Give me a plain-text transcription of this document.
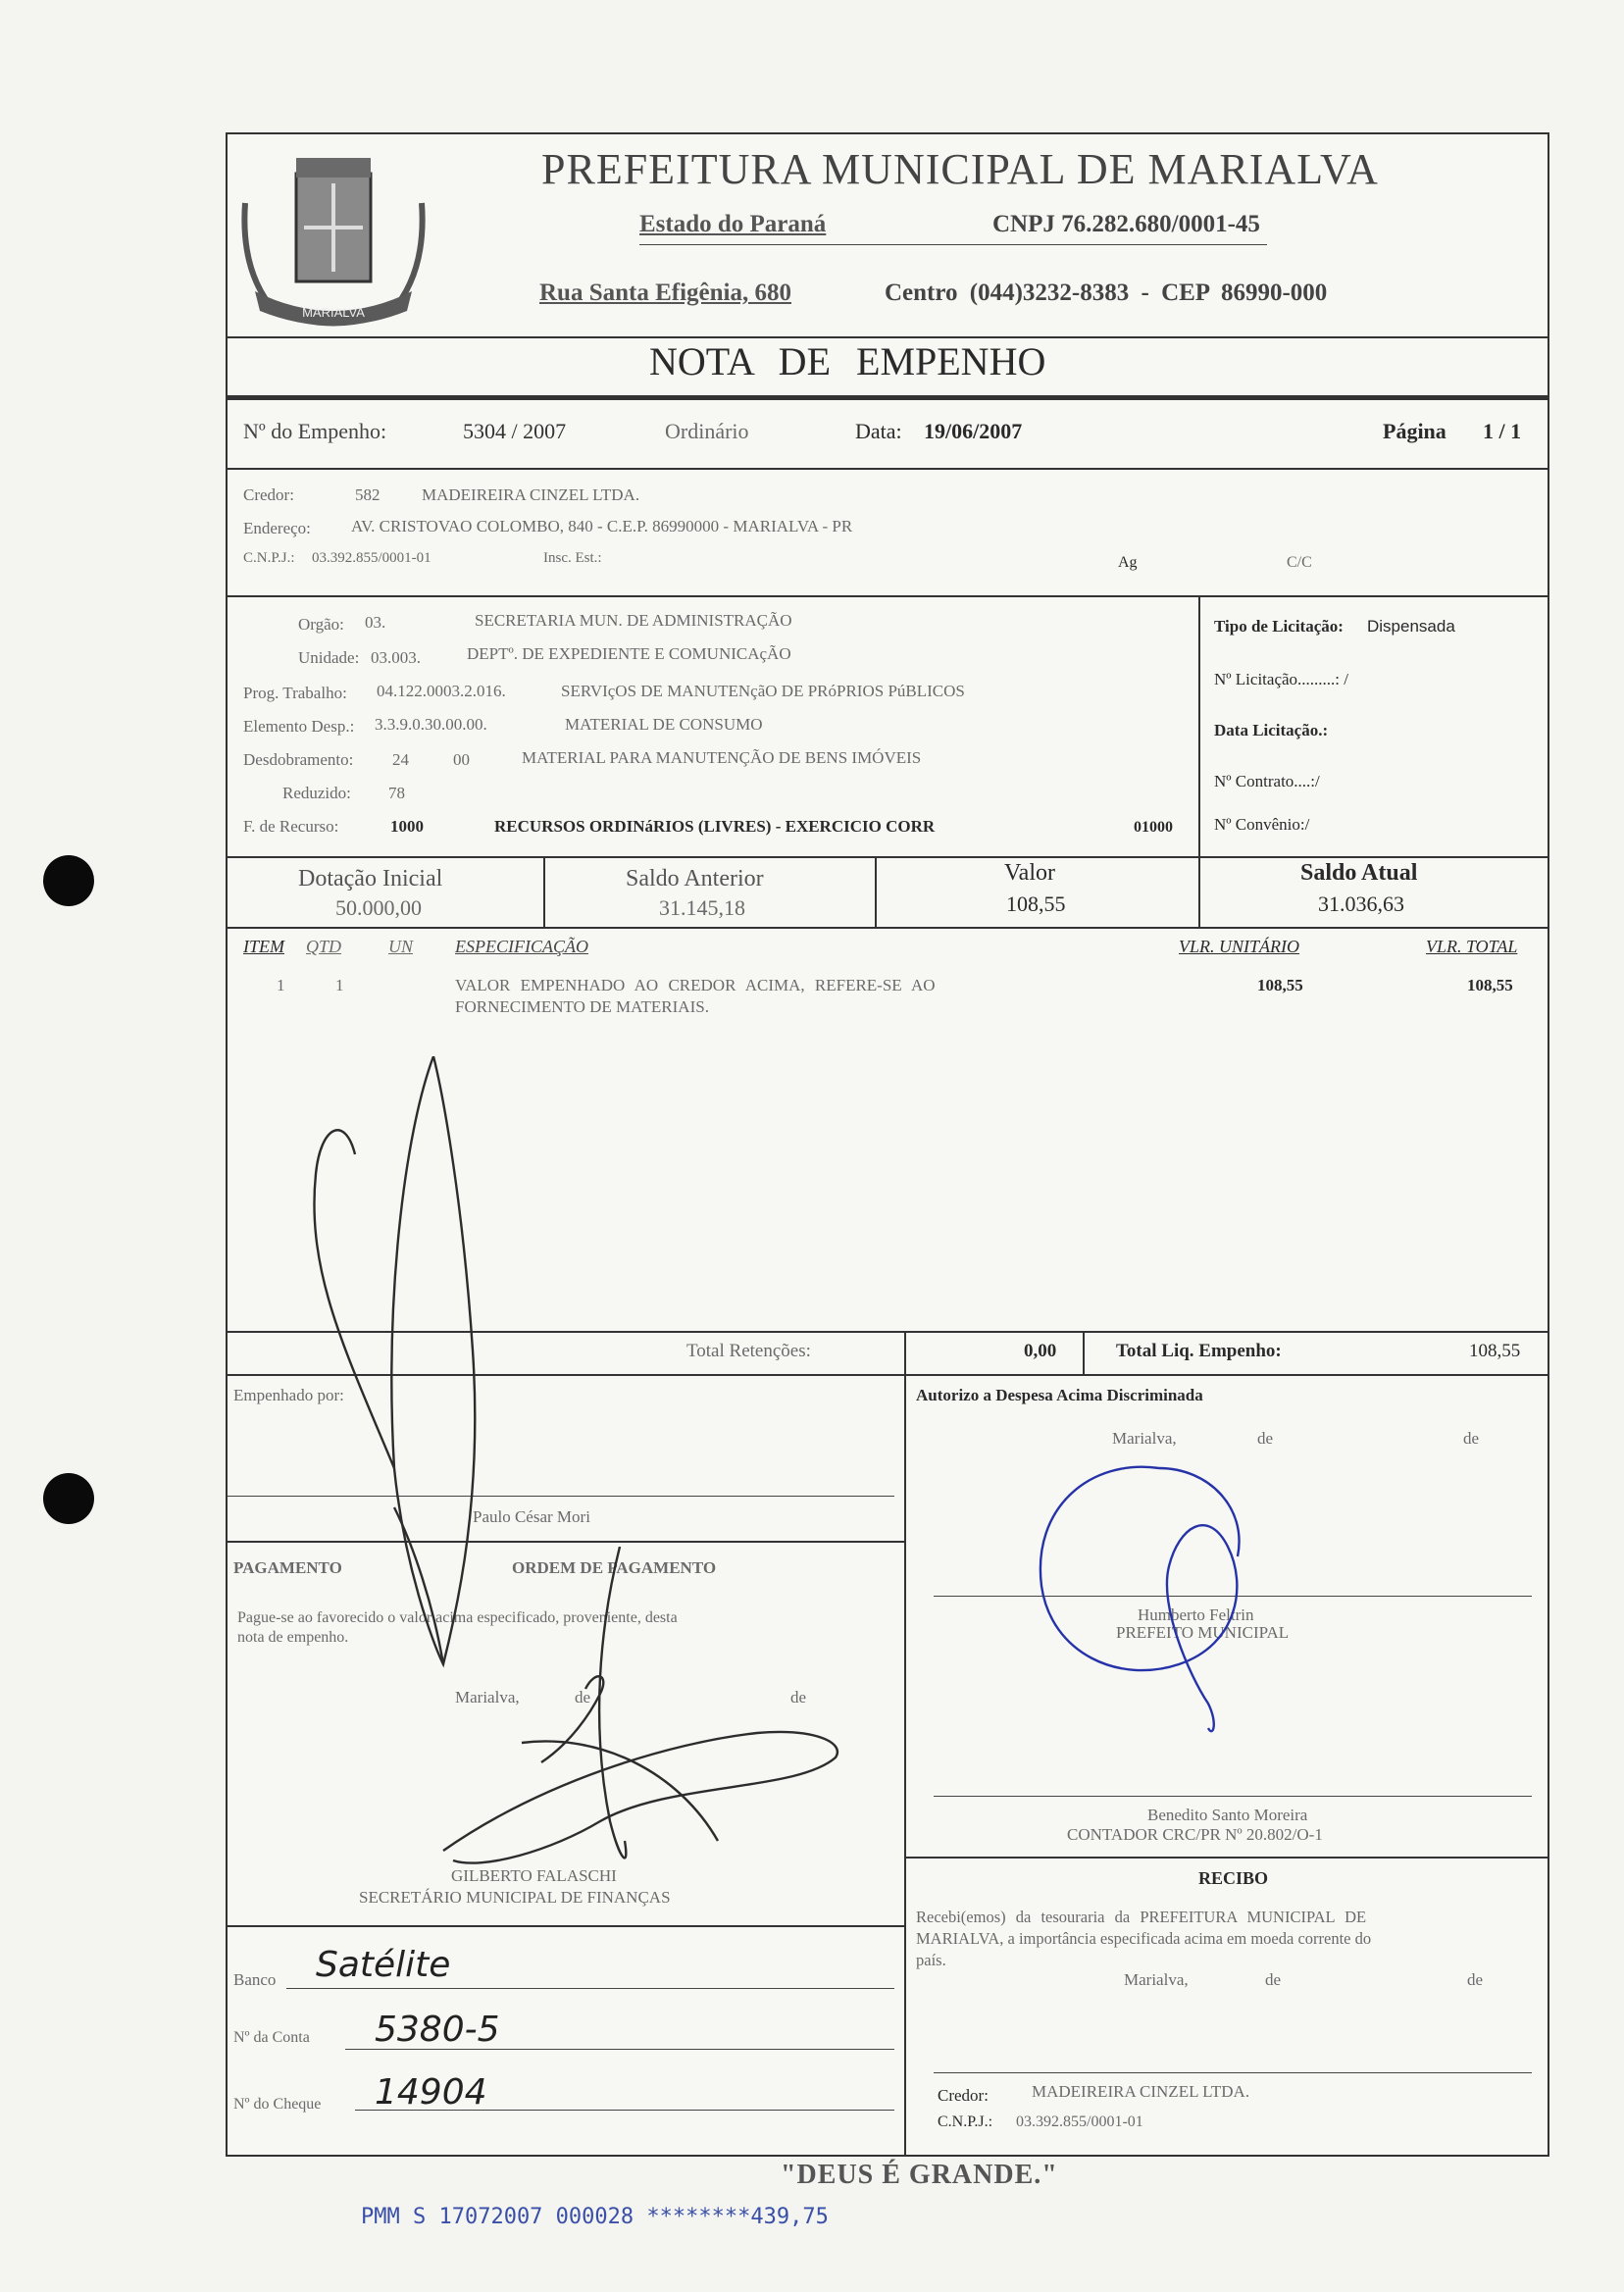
MARIALVA
PREFEITURA MUNICIPAL DE MARIALVA
Estado do Paraná	CNPJ 76.282.680/0001-45
Rua Santa Efigênia, 680	Centro (044)3232-8383 - CEP 86990-000
NOTA DE EMPENHO
Nº do Empenho:	5304 / 2007	Ordinário	Data: 19/06/2007	Página 1 / 1
Credor:	582	MADEIREIRA CINZEL LTDA.
Endereço: AV. CRISTOVAO COLOMBO, 840 - C.E.P. 86990000 - MARIALVA - PR
C.N.P.J.: 03.392.855/0001-01	Insc. Est.:	Ag	C/C
Orgão: 03.	SECRETARIA MUN. DE ADMINISTRAÇÃO
Unidade: 03.003.	DEPTº. DE EXPEDIENTE E COMUNICAçÃO
Prog. Trabalho: 04.122.0003.2.016.	SERVIçOS DE MANUTENçãO DE PRóPRIOS PúBLICOS
Elemento Desp.: 3.3.9.0.30.00.00.	MATERIAL DE CONSUMO
Desdobramento: 24	00	MATERIAL PARA MANUTENÇÃO DE BENS IMÓVEIS
Reduzido: 78
F. de Recurso:	1000	RECURSOS ORDINáRIOS (LIVRES) - EXERCICIO CORR	01000
Tipo de Licitação: Dispensada
Nº Licitação.........: /
Data Licitação.:
Nº Contrato....:/
Nº Convênio:/
Dotação Inicial
50.000,00
Saldo Anterior
31.145,18
Valor
108,55
Saldo Atual
31.036,63
ITEM QTD	UN ESPECIFICAÇÃO	VLR. UNITÁRIO	VLR. TOTAL
1	1	VALOR EMPENHADO AO CREDOR ACIMA, REFERE-SE AO
FORNECIMENTO DE MATERIAIS.
108,55	108,55
Total Retenções:	0,00	Total Liq. Empenho:	108,55
Empenhado por:
Paulo César Mori
PAGAMENTO	ORDEM DE PAGAMENTO
Pague-se ao favorecido o valor acima especificado, proveniente, desta
nota de empenho.
Marialva,	de	de
GILBERTO FALASCHI
SECRETÁRIO MUNICIPAL DE FINANÇAS
Banco Satélite
Nº da Conta 5380-5
Nº do Cheque 14904
Autorizo a Despesa Acima Discriminada
Marialva,	de	de
Humberto Feltrin
PREFEITO MUNICIPAL
Benedito Santo Moreira
CONTADOR CRC/PR Nº 20.802/O-1
RECIBO
Recebi(emos) da tesouraria da PREFEITURA MUNICIPAL DE
MARIALVA, a importância especificada acima em moeda corrente do
país.
Marialva,	de	de
Credor:	MADEIREIRA CINZEL LTDA.
C.N.P.J.: 03.392.855/0001-01
"DEUS É GRANDE."
PMM S 17072007 000028 ********439,75
